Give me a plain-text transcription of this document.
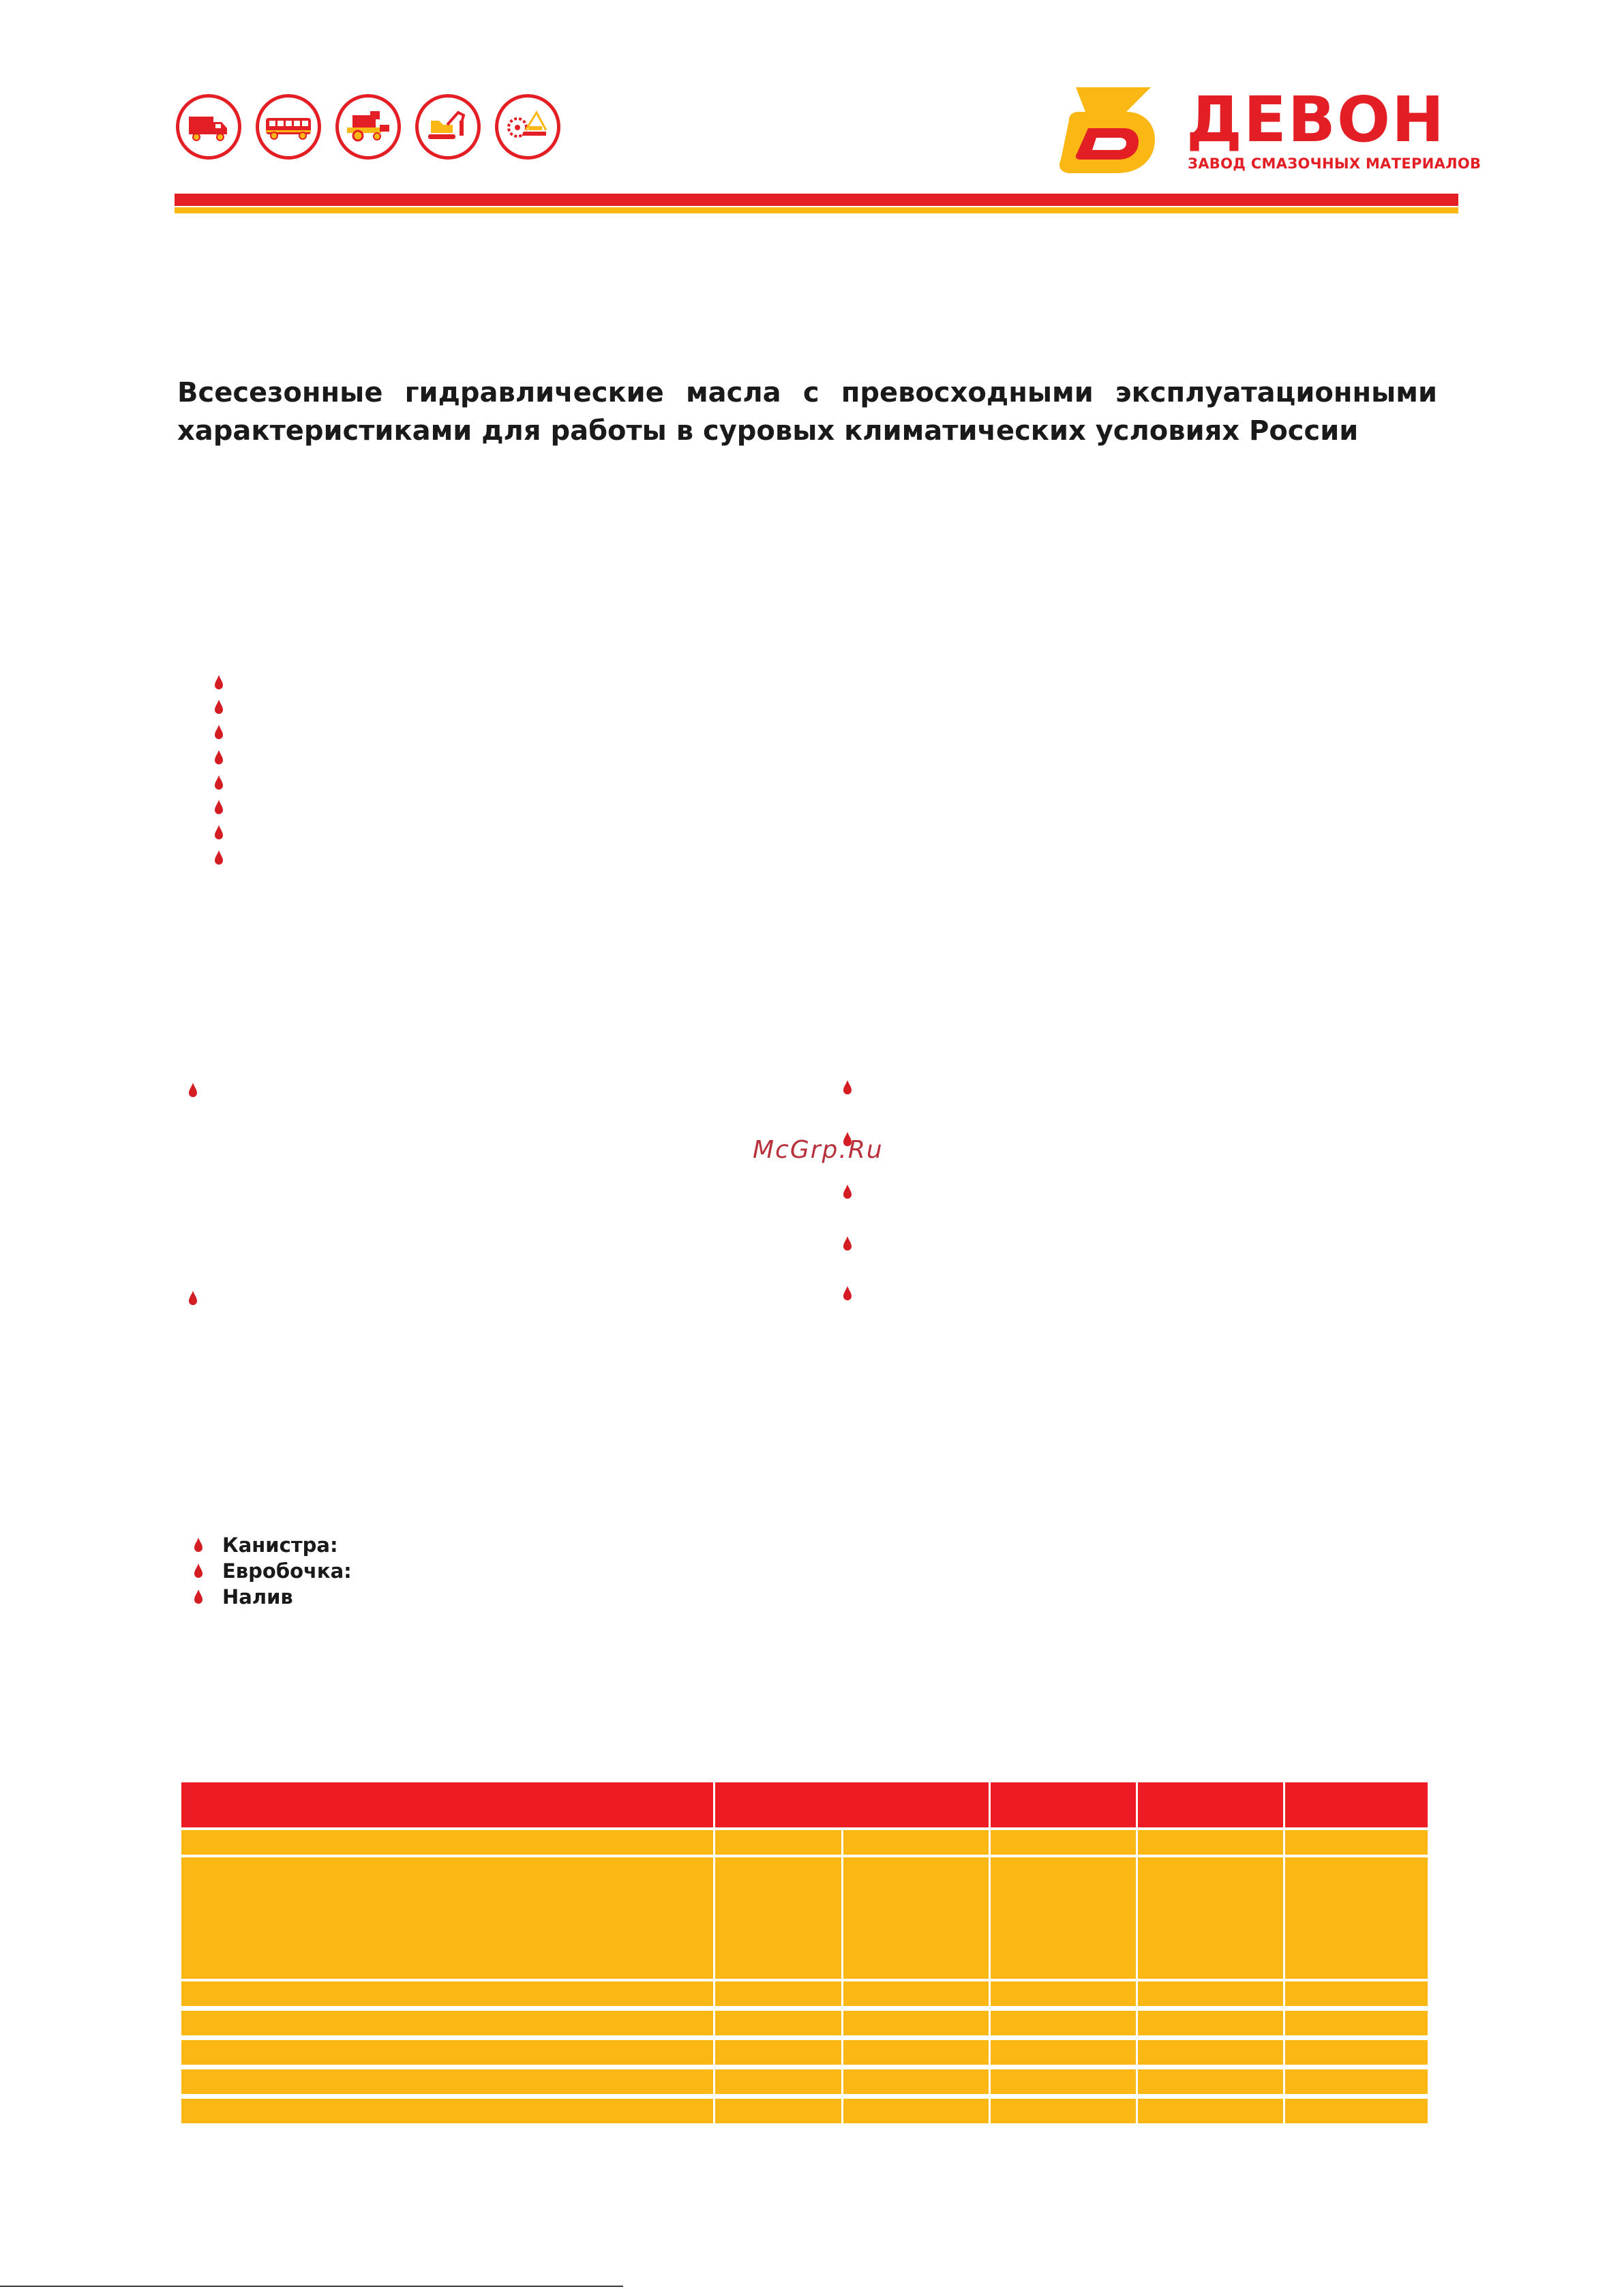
ДЕВОН
ЗАВОД СМАЗОЧНЫХ МАТЕРИАЛОВ
Всесезонные гидравлические масла с превосходными эксплуатационными характеристиками для работы в суровых климатических условиях России
McGrp.Ru
Канистра:
Евробочка:
Налив
